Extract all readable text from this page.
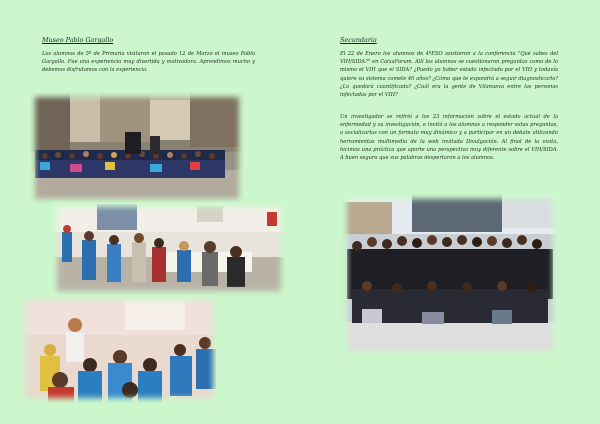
Museo Pablo Gargallo

Los alumnos de 5º de Primaria visitaron el pasado 12 de Marzo el museo Pablo Gargallo. Fue una experiencia muy divertida y motivadora. Aprendimos mucho y debemos disfrutamos con la experiencia.

Secundaria

El 22 de Enero los alumnos de 4ºESO asistieron a la conferencia "Qué sabes del VIH/SIDA?" en CaixaForum. Allí los alumnos se cuestionaron preguntas como de lo mismo el VIH que el SIDA? ¿Puedo yo haber estado infectado por el VIH y todavía quiere su sistema comete 40 años? ¿Cómo que te expondrá a seguir diagnosticarlo? ¿Lo quedará cuantificado? ¿Cuál era la gente de Vilanueva entre las personas infectadas por el VIH?

Un investigador se refirió a los 23 información sobre el estado actual de la enfermedad y su investigación, e invitó a los alumnos a responder estas preguntas, a socializarlas con un formato muy dinámico y a participar en un debate utilizando herramientas multimedia de la web invitada Divulgación. Al final de la visita, hicimos una práctica que aporte una perspectiva muy diferente sobre el VIH/SIDA. A buen seguro que sus palabras despertaron a los alumnos.
